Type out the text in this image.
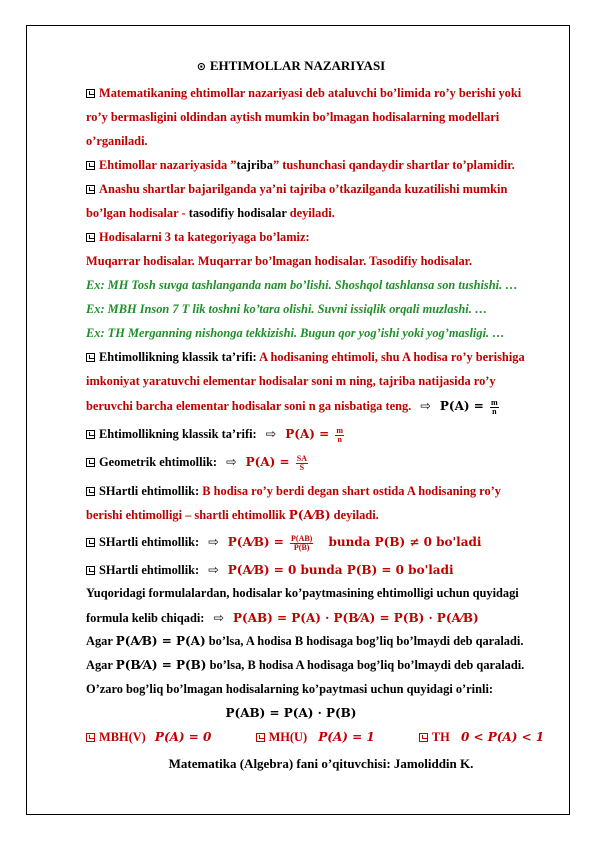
⊙ EHTIMOLLAR NAZARIYASI
Matematikaning ehtimollar nazariyasi deb ataluvchi bo’limida ro’y berishi yoki
ro’y bermasligini oldindan aytish mumkin bo’lmagan hodisalarning modellari
o’rganiladi.
Ehtimollar nazariyasida ”tajriba” tushunchasi qandaydir shartlar to’plamidir.
Anashu shartlar bajarilganda ya’ni tajriba o’tkazilganda kuzatilishi mumkin
bo’lgan hodisalar - tasodifiy hodisalar deyiladi.
Hodisalarni 3 ta kategoriyaga bo’lamiz:
Muqarrar hodisalar. Muqarrar bo’lmagan hodisalar. Tasodifiy hodisalar.
Ex: MH Tosh suvga tashlanganda nam bo’lishi. Shoshqol tashlansa son tushishi. …
Ex: MBH Inson 7 T lik toshni ko’tara olishi. Suvni issiqlik orqali muzlashi. …
Ex: TH Merganning nishonga tekkizishi. Bugun qor yog’ishi yoki yog’masligi. …
Ehtimollikning klassik ta’rifi: A hodisaning ehtimoli, shu A hodisa ro’y berishiga
imkoniyat yaratuvchi elementar hodisalar soni m ning, tajriba natijasida ro’y
beruvchi barcha elementar hodisalar soni n ga nisbatiga teng. ⇨ $P(A) = \frac{m}{n}$
Ehtimollikning klassik ta’rifi: ⇨ $P(A) = \frac{m}{n}$
Geometrik ehtimollik: ⇨ $P(A) = \frac{SA}{S}$
SHartli ehtimollik: B hodisa ro’y berdi degan shart ostida A hodisaning ro’y
berishi ehtimolligi – shartli ehtimollik P(A⁄B) deyiladi.
SHartli ehtimollik: ⇨ P(A⁄B) = $\frac{P(AB)}{P(B)}$ bunda P(B) ≠ 0 bo'ladi
SHartli ehtimollik: ⇨ P(A⁄B) = 0 bunda P(B) = 0 bo'ladi
Yuqoridagi formulalardan, hodisalar ko’paytmasining ehtimolligi uchun quyidagi
formula kelib chiqadi: ⇨ P(AB) = P(A) · P(B⁄A) = P(B) · P(A⁄B)
Agar P(A⁄B) = P(A) bo’lsa, A hodisa B hodisaga bog’liq bo’lmaydi deb qaraladi.
Agar P(B⁄A) = P(B) bo’lsa, B hodisa A hodisaga bog’liq bo’lmaydi deb qaraladi.
O’zaro bog’liq bo’lmagan hodisalarning ko’paytmasi uchun quyidagi o’rinli:
P(AB) = P(A) · P(B)
MBH(V) P(A) = 0	MH(U) P(A) = 1	TH 0 < P(A) < 1
Matematika (Algebra) fani o’qituvchisi: Jamoliddin K.
